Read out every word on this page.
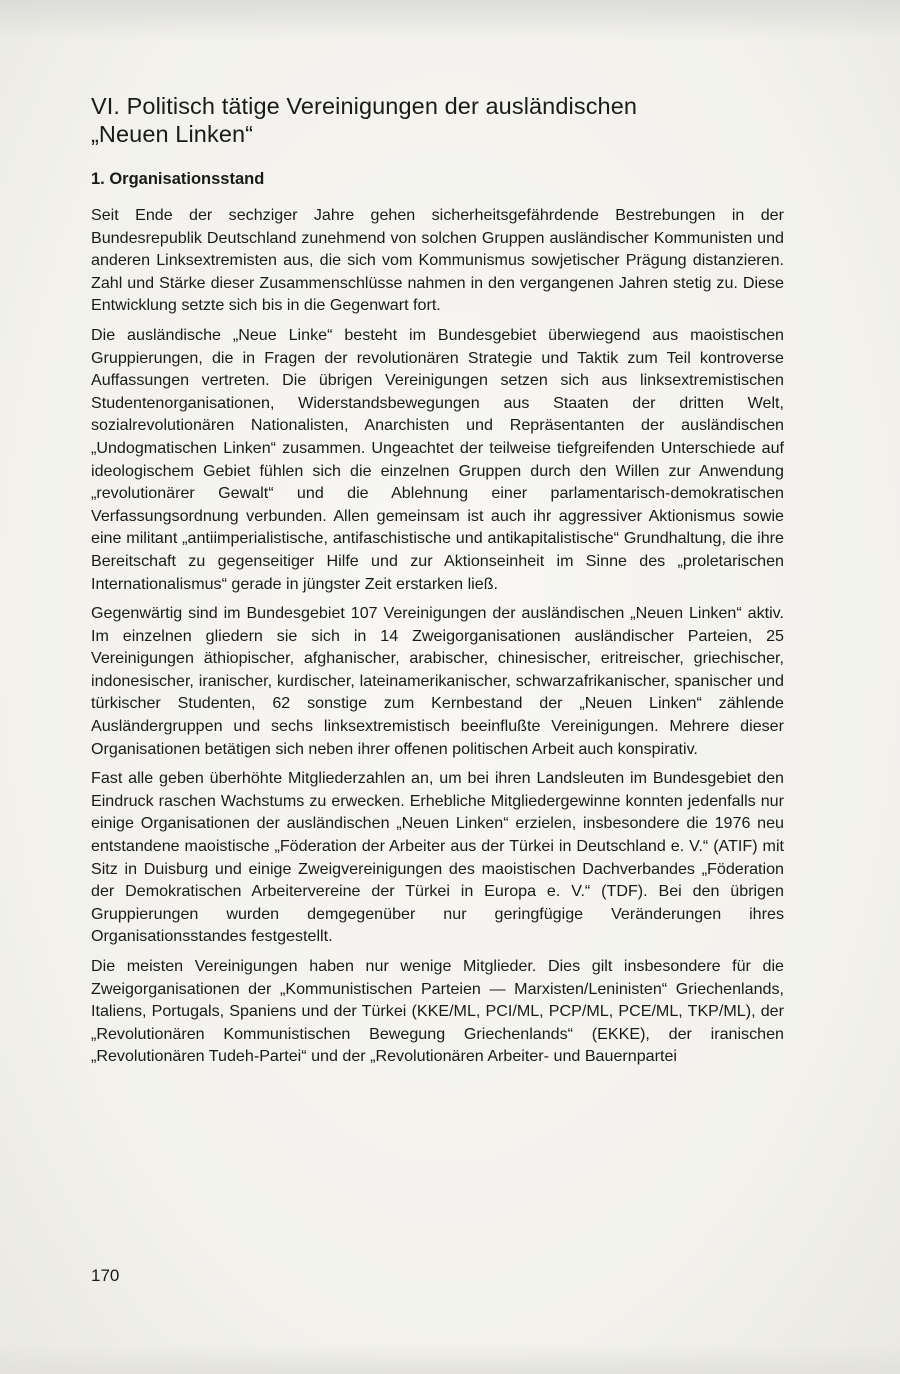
VI. Politisch tätige Vereinigungen der ausländischen
„Neuen Linken“
1. Organisationsstand

Seit Ende der sechziger Jahre gehen sicherheitsgefährdende Bestrebungen in der Bundesrepublik Deutschland zunehmend von solchen Gruppen ausländischer Kommunisten und anderen Linksextremisten aus, die sich vom Kommunismus sowjetischer Prägung distanzieren. Zahl und Stärke dieser Zusammenschlüsse nahmen in den vergangenen Jahren stetig zu. Diese Entwicklung setzte sich bis in die Gegenwart fort.

Die ausländische „Neue Linke“ besteht im Bundesgebiet überwiegend aus maoistischen Gruppierungen, die in Fragen der revolutionären Strategie und Taktik zum Teil kontroverse Auffassungen vertreten. Die übrigen Vereinigungen setzen sich aus linksextremistischen Studentenorganisationen, Widerstandsbewegungen aus Staaten der dritten Welt, sozialrevolutionären Nationalisten, Anarchisten und Repräsentanten der ausländischen „Undogmatischen Linken“ zusammen. Ungeachtet der teilweise tiefgreifenden Unterschiede auf ideologischem Gebiet fühlen sich die einzelnen Gruppen durch den Willen zur Anwendung „revolutionärer Gewalt“ und die Ablehnung einer parlamentarisch-demokratischen Verfassungsordnung verbunden. Allen gemeinsam ist auch ihr aggressiver Aktionismus sowie eine militant „antiimperialistische, antifaschistische und antikapitalistische“ Grundhaltung, die ihre Bereitschaft zu gegenseitiger Hilfe und zur Aktionseinheit im Sinne des „proletarischen Internationalismus“ gerade in jüngster Zeit erstarken ließ.

Gegenwärtig sind im Bundesgebiet 107 Vereinigungen der ausländischen „Neuen Linken“ aktiv. Im einzelnen gliedern sie sich in 14 Zweigorganisationen ausländischer Parteien, 25 Vereinigungen äthiopischer, afghanischer, arabischer, chinesischer, eritreischer, griechischer, indonesischer, iranischer, kurdischer, lateinamerikanischer, schwarzafrikanischer, spanischer und türkischer Studenten, 62 sonstige zum Kernbestand der „Neuen Linken“ zählende Ausländergruppen und sechs linksextremistisch beeinflußte Vereinigungen. Mehrere dieser Organisationen betätigen sich neben ihrer offenen politischen Arbeit auch konspirativ.

Fast alle geben überhöhte Mitgliederzahlen an, um bei ihren Landsleuten im Bundesgebiet den Eindruck raschen Wachstums zu erwecken. Erhebliche Mitgliedergewinne konnten jedenfalls nur einige Organisationen der ausländischen „Neuen Linken“ erzielen, insbesondere die 1976 neu entstandene maoistische „Föderation der Arbeiter aus der Türkei in Deutschland e. V.“ (ATIF) mit Sitz in Duisburg und einige Zweigvereinigungen des maoistischen Dachverbandes „Föderation der Demokratischen Arbeitervereine der Türkei in Europa e. V.“ (TDF). Bei den übrigen Gruppierungen wurden demgegenüber nur geringfügige Veränderungen ihres Organisationsstandes festgestellt.

Die meisten Vereinigungen haben nur wenige Mitglieder. Dies gilt insbesondere für die Zweigorganisationen der „Kommunistischen Parteien — Marxisten/Leninisten“ Griechenlands, Italiens, Portugals, Spaniens und der Türkei (KKE/ML, PCI/ML, PCP/ML, PCE/ML, TKP/ML), der „Revolutionären Kommunistischen Bewegung Griechenlands“ (EKKE), der iranischen „Revolutionären Tudeh-Partei“ und der „Revolutionären Arbeiter- und Bauernpartei

170
